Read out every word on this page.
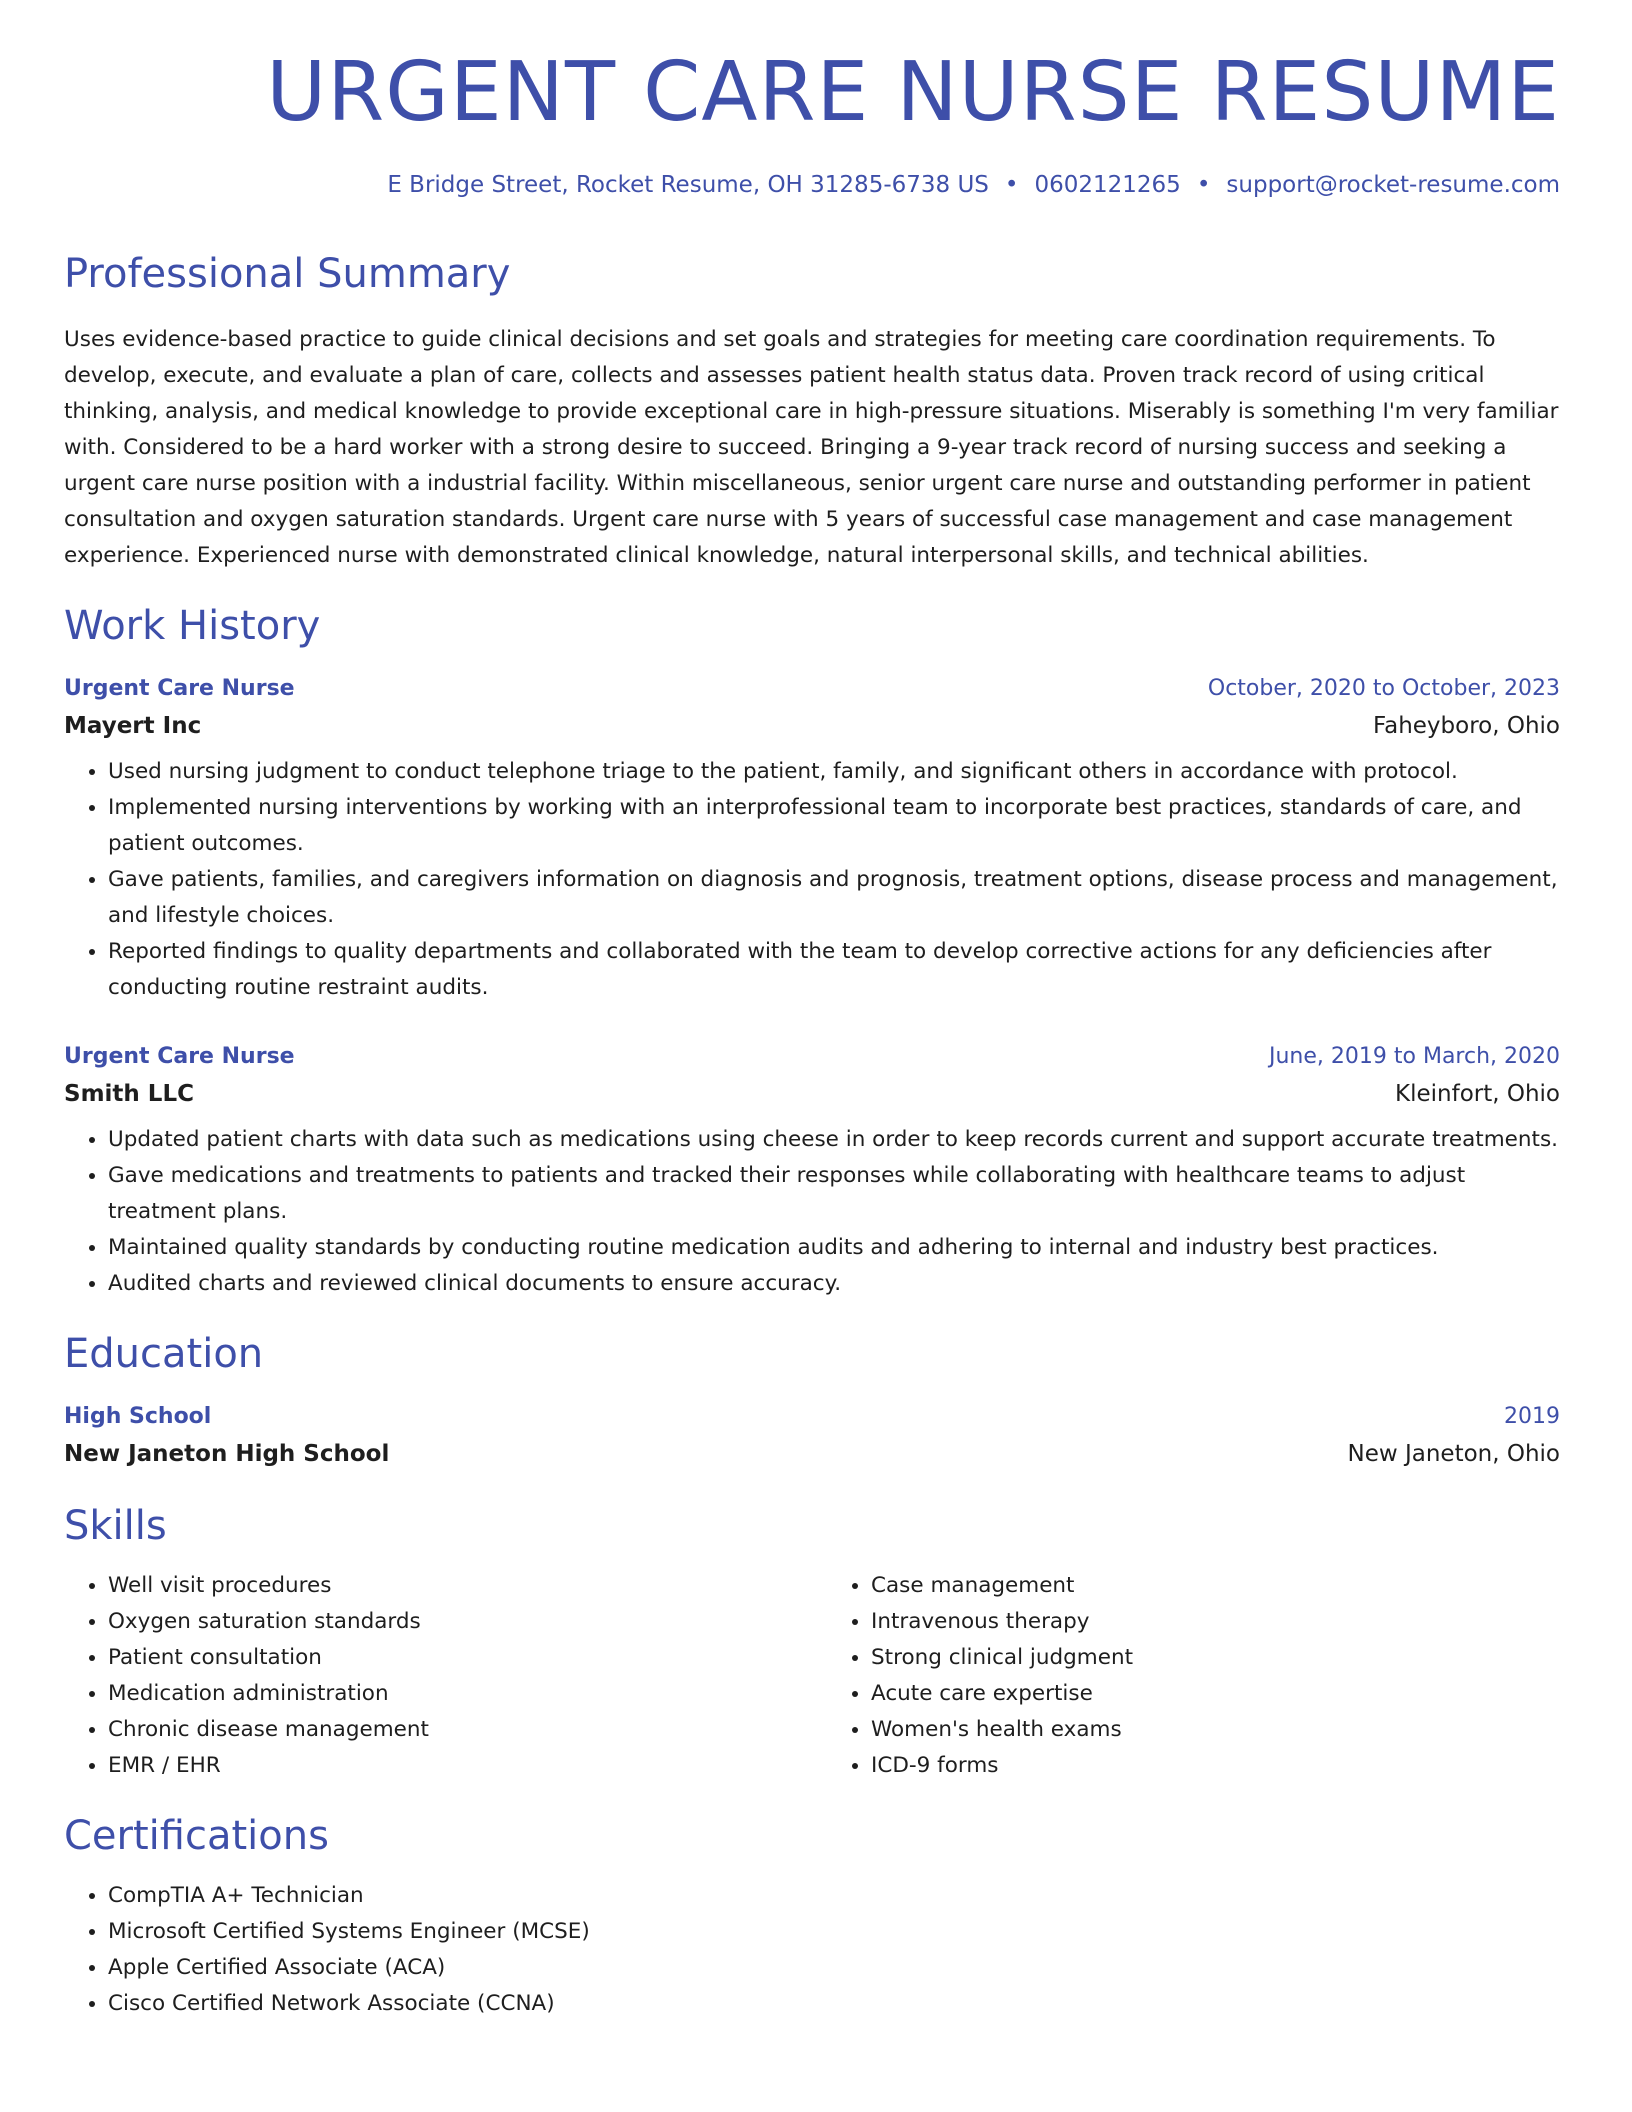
URGENT CARE NURSE RESUME
E Bridge Street, Rocket Resume, OH 31285-6738 US • 0602121265 • support@rocket-resume.com
Professional Summary
Uses evidence-based practice to guide clinical decisions and set goals and strategies for meeting care coordination requirements. To develop, execute, and evaluate a plan of care, collects and assesses patient health status data. Proven track record of using critical thinking, analysis, and medical knowledge to provide exceptional care in high-pressure situations. Miserably is something I'm very familiar with. Considered to be a hard worker with a strong desire to succeed. Bringing a 9-year track record of nursing success and seeking a urgent care nurse position with a industrial facility. Within miscellaneous, senior urgent care nurse and outstanding performer in patient consultation and oxygen saturation standards. Urgent care nurse with 5 years of successful case management and case management experience. Experienced nurse with demonstrated clinical knowledge, natural interpersonal skills, and technical abilities.
Work History
Urgent Care Nurse	October, 2020 to October, 2023
Mayert Inc	Faheyboro, Ohio
• Used nursing judgment to conduct telephone triage to the patient, family, and significant others in accordance with protocol.
• Implemented nursing interventions by working with an interprofessional team to incorporate best practices, standards of care, and patient outcomes.
• Gave patients, families, and caregivers information on diagnosis and prognosis, treatment options, disease process and management, and lifestyle choices.
• Reported findings to quality departments and collaborated with the team to develop corrective actions for any deficiencies after conducting routine restraint audits.
Urgent Care Nurse	June, 2019 to March, 2020
Smith LLC	Kleinfort, Ohio
• Updated patient charts with data such as medications using cheese in order to keep records current and support accurate treatments.
• Gave medications and treatments to patients and tracked their responses while collaborating with healthcare teams to adjust treatment plans.
• Maintained quality standards by conducting routine medication audits and adhering to internal and industry best practices.
• Audited charts and reviewed clinical documents to ensure accuracy.
Education
High School	2019
New Janeton High School	New Janeton, Ohio
Skills
• Well visit procedures
• Oxygen saturation standards
• Patient consultation
• Medication administration
• Chronic disease management
• EMR / EHR
• Case management
• Intravenous therapy
• Strong clinical judgment
• Acute care expertise
• Women's health exams
• ICD-9 forms
Certifications
• CompTIA A+ Technician
• Microsoft Certified Systems Engineer (MCSE)
• Apple Certified Associate (ACA)
• Cisco Certified Network Associate (CCNA)
